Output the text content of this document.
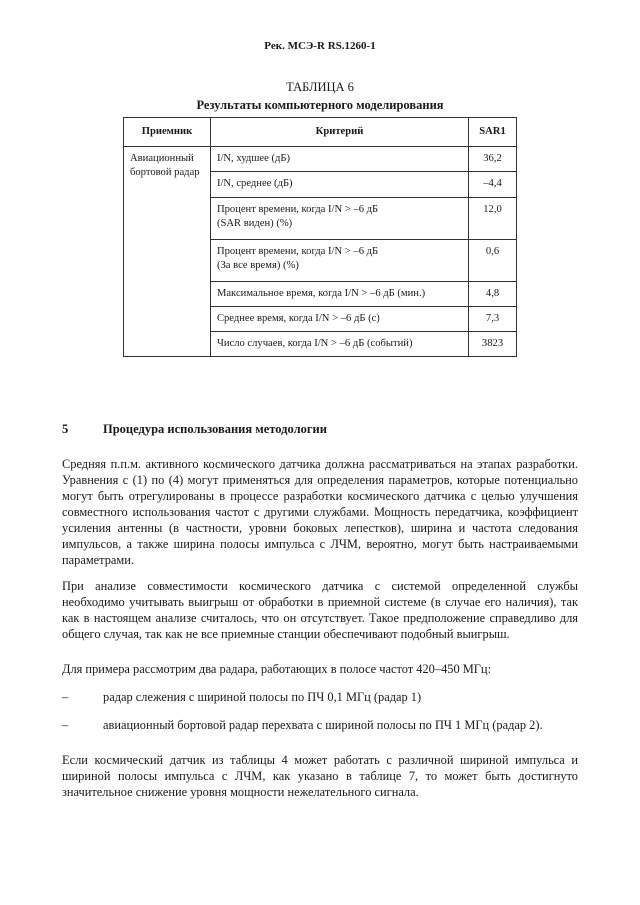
Рек. МСЭ-R RS.1260-1
ТАБЛИЦА 6
Результаты компьютерного моделирования
Приемник	Критерий	SAR1
Авиационный бортовой радар	I/N, худшее (дБ)	36,2
	I/N, среднее (дБ)	–4,4

	Процент времени, когда I/N > –6 дБ
(SAR виден) (%)	12,0

	Процент времени, когда I/N > –6 дБ
(За все время) (%)	0,6
	Максимальное время, когда I/N > –6 дБ (мин.)	4,8
	Среднее время, когда I/N > –6 дБ (с)	7,3
	Число случаев, когда I/N > –6 дБ (событий)	3823
5	Процедура использования методологии

Средняя п.п.м. активного космического датчика должна рассматриваться на этапах разработки. Уравнения с (1) по (4) могут применяться для определения параметров, которые потенциально могут быть отрегулированы в процессе разработки космического датчика с целью улучшения совместного использования частот с другими службами. Мощность передатчика, коэффициент усиления антенны (в частности, уровни боковых лепестков), ширина и частота следования импульсов, а также ширина полосы импульса с ЛЧМ, вероятно, могут быть настраиваемыми параметрами.

При анализе совместимости космического датчика с системой определенной службы необходимо учитывать выигрыш от обработки в приемной системе (в случае его наличия), так как в настоящем анализе считалось, что он отсутствует. Такое предположение справедливо для общего случая, так как не все приемные станции обеспечивают подобный выигрыш.

Для примера рассмотрим два радара, работающих в полосе частот 420–450 МГц:

–	радар слежения с шириной полосы по ПЧ 0,1 МГц (радар 1)
–	авиационный бортовой радар перехвата с шириной полосы по ПЧ 1 МГц (радар 2).

Если космический датчик из таблицы 4 может работать с различной шириной импульса и шириной полосы импульса с ЛЧМ, как указано в таблице 7, то может быть достигнуто значительное снижение уровня мощности нежелательного сигнала.
